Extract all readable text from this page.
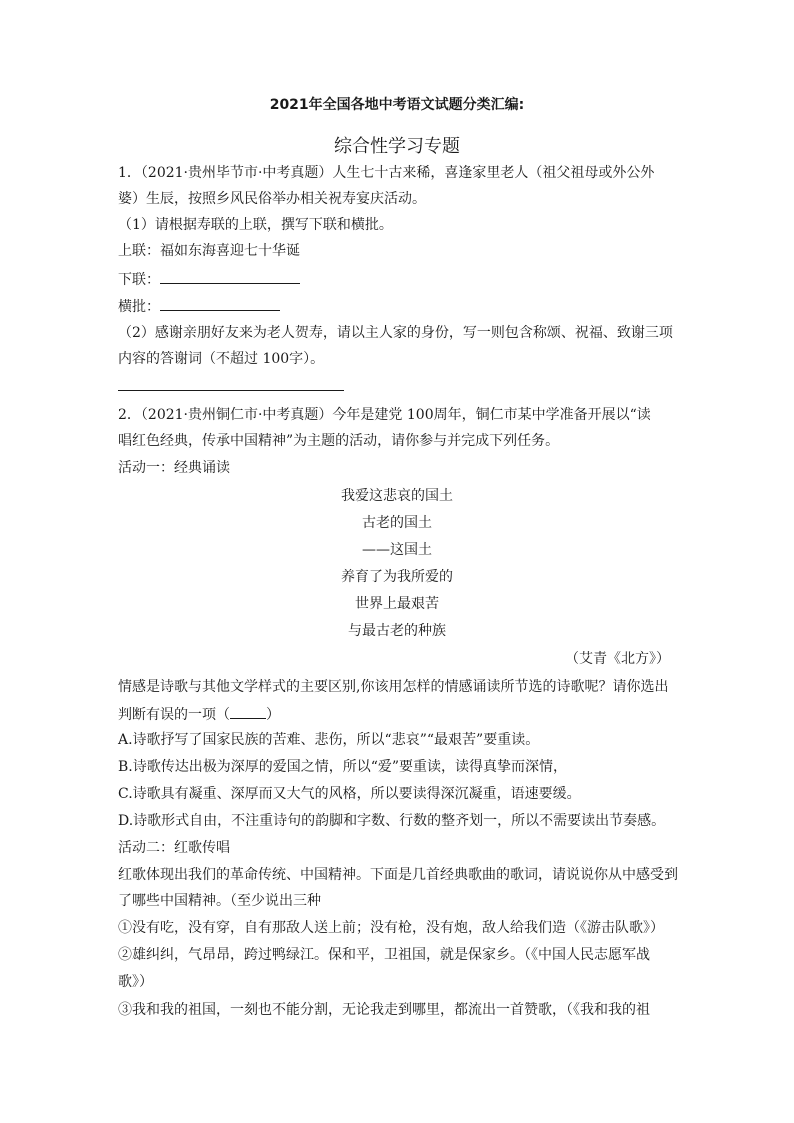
2021年全国各地中考语文试题分类汇编:
综合性学习专题
1．（2021·贵州毕节市·中考真题）人生七十古来稀，喜逢家里老人（祖父祖母或外公外
婆）生辰，按照乡风民俗举办相关祝寿宴庆活动。
（1）请根据寿联的上联，撰写下联和横批。
上联：福如东海喜迎七十华诞
下联：
横批：
（2）感谢亲朋好友来为老人贺寿，请以主人家的身份，写一则包含称颂、祝福、致谢三项
内容的答谢词（不超过 100字）。
2．（2021·贵州铜仁市·中考真题）今年是建党 100周年，铜仁市某中学准备开展以“读
唱红色经典，传承中国精神”为主题的活动，请你参与并完成下列任务。
活动一：经典诵读
我爱这悲哀的国土
古老的国土
——这国土
养育了为我所爱的
世界上最艰苦
与最古老的种族
（艾青《北方》）
情感是诗歌与其他文学样式的主要区别,你该用怎样的情感诵读所节选的诗歌呢？请你选出
判断有误的一项（	）
A.诗歌抒写了国家民族的苦难、悲伤，所以“悲哀”“最艰苦”要重读。
B.诗歌传达出极为深厚的爱国之情，所以“爱”要重读，读得真挚而深情，
C.诗歌具有凝重、深厚而又大气的风格，所以要读得深沉凝重，语速要缓。
D.诗歌形式自由，不注重诗句的韵脚和字数、行数的整齐划一，所以不需要读出节奏感。
活动二：红歌传唱
红歌体现出我们的革命传统、中国精神。下面是几首经典歌曲的歌词，请说说你从中感受到
了哪些中国精神。（至少说出三种
①没有吃，没有穿，自有那敌人送上前；没有枪，没有炮，敌人给我们造（《游击队歌》）
②雄纠纠，气昂昂，跨过鸭绿江。保和平，卫祖国，就是保家乡。（《中国人民志愿军战
歌》）
③我和我的祖国，一刻也不能分割，无论我走到哪里，都流出一首赞歌，（《我和我的祖
